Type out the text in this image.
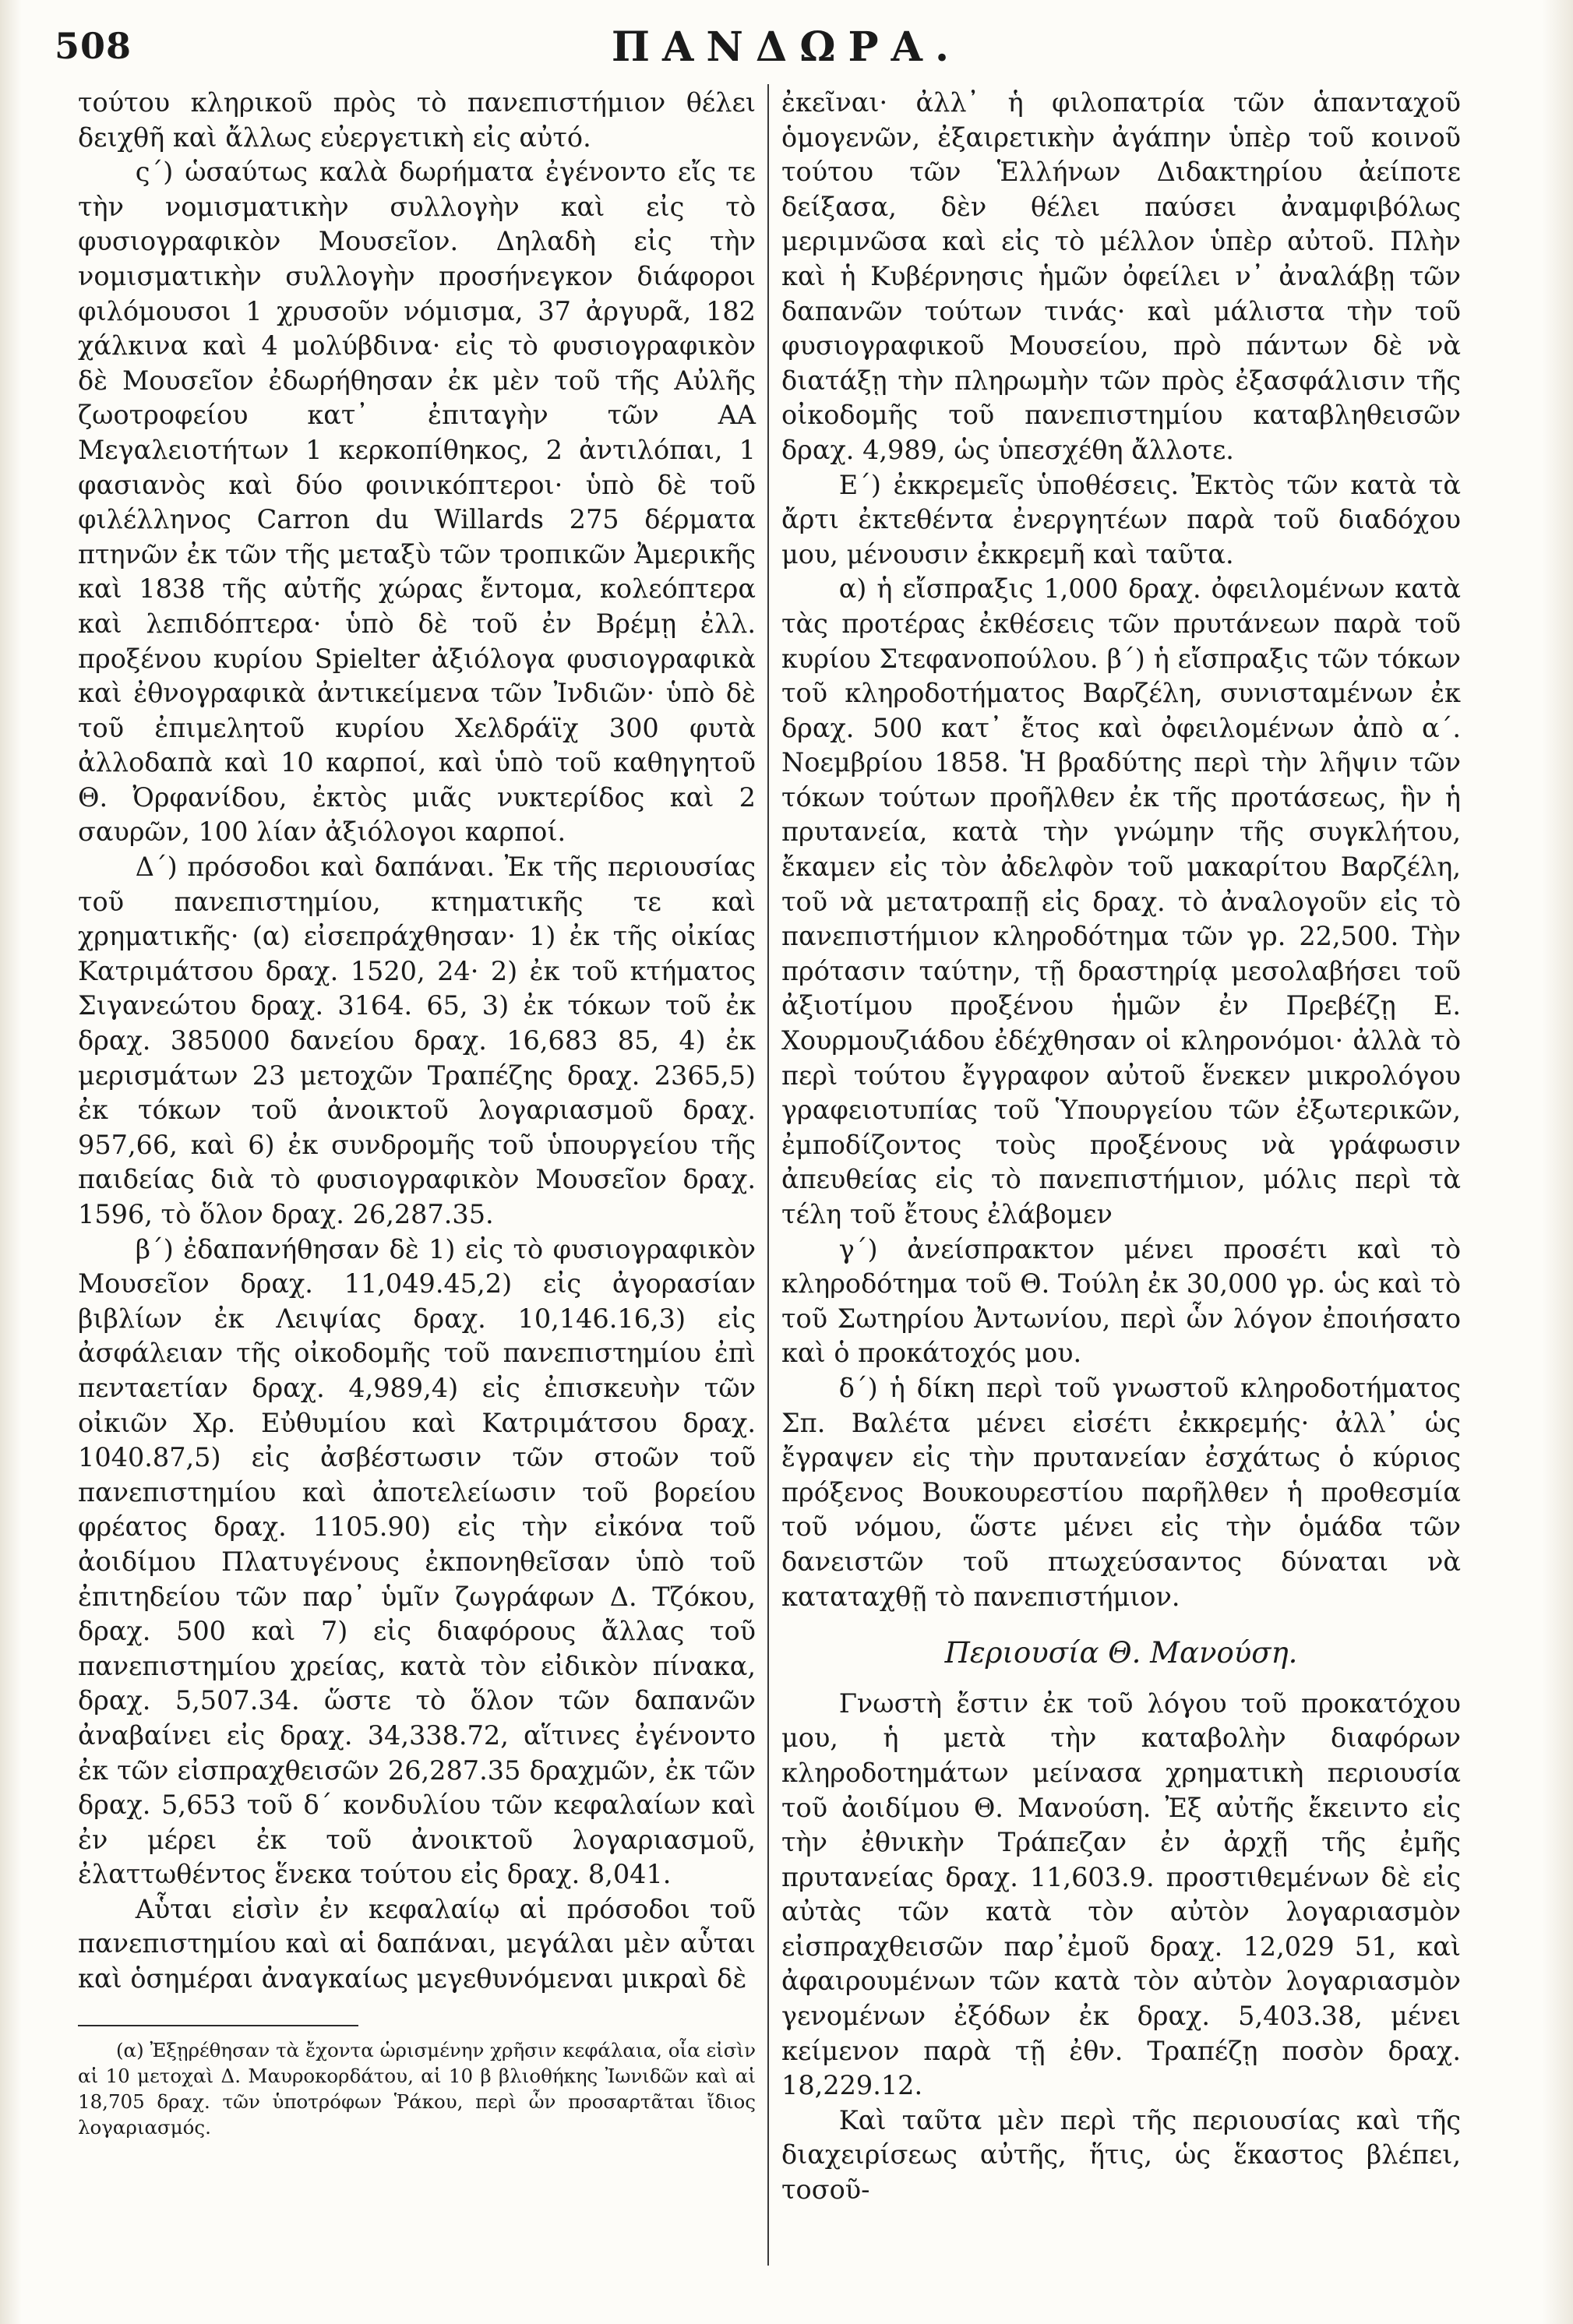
508	ΠΑΝΔΩΡΑ.

τούτου κληρικοῦ πρὸς τὸ πανεπιστήμιον θέλει δειχθῆ καὶ ἄλλως εὐεργετικὴ εἰς αὐτό.

ς΄) ὡσαύτως καλὰ δωρήματα ἐγένοντο εἴς τε τὴν νομισματικὴν συλλογὴν καὶ εἰς τὸ φυσιογραφικὸν Μουσεῖον. Δηλαδὴ εἰς τὴν νομισματικὴν συλλογὴν προσήνεγκον διάφοροι φιλόμουσοι 1 χρυσοῦν νόμισμα, 37 ἀργυρᾶ, 182 χάλκινα καὶ 4 μολύβδινα· εἰς τὸ φυσιογραφικὸν δὲ Μουσεῖον ἐδωρήθησαν ἐκ μὲν τοῦ τῆς Αὐλῆς ζωοτροφείου κατ᾽ ἐπιταγὴν τῶν ΑΑ Μεγαλειοτήτων 1 κερκοπίθηκος, 2 ἀντιλόπαι, 1 φασιανὸς καὶ δύο φοινικόπτεροι· ὑπὸ δὲ τοῦ φιλέλληνος Carron du Willards 275 δέρματα πτηνῶν ἐκ τῶν τῆς μεταξὺ τῶν τροπικῶν Ἀμερικῆς καὶ 1838 τῆς αὐτῆς χώρας ἔντομα, κολεόπτερα καὶ λεπιδόπτερα· ὑπὸ δὲ τοῦ ἐν Βρέμῃ ἐλλ. προξένου κυρίου Spielter ἀξιόλογα φυσιογραφικὰ καὶ ἐθνογραφικὰ ἀντικείμενα τῶν Ἰνδιῶν· ὑπὸ δὲ τοῦ ἐπιμελητοῦ κυρίου Χελδράϊχ 300 φυτὰ ἀλλοδαπὰ καὶ 10 καρποί, καὶ ὑπὸ τοῦ καθηγητοῦ Θ. Ὀρφανίδου, ἐκτὸς μιᾶς νυκτερίδος καὶ 2 σαυρῶν, 100 λίαν ἀξιόλογοι καρποί.

Δ΄) πρόσοδοι καὶ δαπάναι. Ἐκ τῆς περιουσίας τοῦ πανεπιστημίου, κτηματικῆς τε καὶ χρηματικῆς· (α) εἰσεπράχθησαν· 1) ἐκ τῆς οἰκίας Κατριμάτσου δραχ. 1520, 24· 2) ἐκ τοῦ κτήματος Σιγανεώτου δραχ. 3164. 65, 3) ἐκ τόκων τοῦ ἐκ δραχ. 385000 δανείου δραχ. 16,683 85, 4) ἐκ μερισμάτων 23 μετοχῶν Τραπέζης δραχ. 2365,5) ἐκ τόκων τοῦ ἀνοικτοῦ λογαριασμοῦ δραχ. 957,66, καὶ 6) ἐκ συνδρομῆς τοῦ ὑπουργείου τῆς παιδείας διὰ τὸ φυσιογραφικὸν Μουσεῖον δραχ. 1596, τὸ ὅλον δραχ. 26,287.35.

β΄) ἐδαπανήθησαν δὲ 1) εἰς τὸ φυσιογραφικὸν Μουσεῖον δραχ. 11,049.45,2) εἰς ἀγορασίαν βιβλίων ἐκ Λειψίας δραχ. 10,146.16,3) εἰς ἀσφάλειαν τῆς οἰκοδομῆς τοῦ πανεπιστημίου ἐπὶ πενταετίαν δραχ. 4,989,4) εἰς ἐπισκευὴν τῶν οἰκιῶν Χρ. Εὐθυμίου καὶ Κατριμάτσου δραχ. 1040.87,5) εἰς ἀσβέστωσιν τῶν στοῶν τοῦ πανεπιστημίου καὶ ἀποτελείωσιν τοῦ βορείου φρέατος δραχ. 1105.90) εἰς τὴν εἰκόνα τοῦ ἀοιδίμου Πλατυγένους ἐκπονηθεῖσαν ὑπὸ τοῦ ἐπιτηδείου τῶν παρ᾽ ὑμῖν ζωγράφων Δ. Τζόκου, δραχ. 500 καὶ 7) εἰς διαφόρους ἄλλας τοῦ πανεπιστημίου χρείας, κατὰ τὸν εἰδικὸν πίνακα, δραχ. 5,507.34. ὥστε τὸ ὅλον τῶν δαπανῶν ἀναβαίνει εἰς δραχ. 34,338.72, αἵτινες ἐγένοντο ἐκ τῶν εἰσπραχθεισῶν 26,287.35 δραχμῶν, ἐκ τῶν δραχ. 5,653 τοῦ δ΄ κονδυλίου τῶν κεφαλαίων καὶ ἐν μέρει ἐκ τοῦ ἀνοικτοῦ λογαριασμοῦ, ἐλαττωθέντος ἕνεκα τούτου εἰς δραχ. 8,041.

Αὗται εἰσὶν ἐν κεφαλαίῳ αἱ πρόσοδοι τοῦ πανεπιστημίου καὶ αἱ δαπάναι, μεγάλαι μὲν αὗται καὶ ὁσημέραι ἀναγκαίως μεγεθυνόμεναι μικραὶ δὲ

(α) Ἐξῃρέθησαν τὰ ἔχοντα ὡρισμένην χρῆσιν κεφάλαια, οἷα εἰσὶν αἱ 10 μετοχαὶ Δ. Μαυροκορδάτου, αἱ 10 β βλιοθήκης Ἰωνιδῶν καὶ αἱ 18,705 δραχ. τῶν ὑποτρόφων Ῥάκου, περὶ ὧν προσαρτᾶται ἴδιος λογαριασμός.

ἐκεῖναι· ἀλλ᾽ ἡ φιλοπατρία τῶν ἁπανταχοῦ ὁμογενῶν, ἐξαιρετικὴν ἀγάπην ὑπὲρ τοῦ κοινοῦ τούτου τῶν Ἑλλήνων Διδακτηρίου ἀείποτε δείξασα, δὲν θέλει παύσει ἀναμφιβόλως μεριμνῶσα καὶ εἰς τὸ μέλλον ὑπὲρ αὐτοῦ. Πλὴν καὶ ἡ Κυβέρνησις ἡμῶν ὀφείλει ν᾽ ἀναλάβῃ τῶν δαπανῶν τούτων τινάς· καὶ μάλιστα τὴν τοῦ φυσιογραφικοῦ Μουσείου, πρὸ πάντων δὲ νὰ διατάξῃ τὴν πληρωμὴν τῶν πρὸς ἐξασφάλισιν τῆς οἰκοδομῆς τοῦ πανεπιστημίου καταβληθεισῶν δραχ. 4,989, ὡς ὑπεσχέθη ἄλλοτε.

Ε΄) ἐκκρεμεῖς ὑποθέσεις. Ἐκτὸς τῶν κατὰ τὰ ἄρτι ἐκτεθέντα ἐνεργητέων παρὰ τοῦ διαδόχου μου, μένουσιν ἐκκρεμῆ καὶ ταῦτα.

α) ἡ εἴσπραξις 1,000 δραχ. ὀφειλομένων κατὰ τὰς προτέρας ἐκθέσεις τῶν πρυτάνεων παρὰ τοῦ κυρίου Στεφανοπούλου. β΄) ἡ εἴσπραξις τῶν τόκων τοῦ κληροδοτήματος Βαρζέλη, συνισταμένων ἐκ δραχ. 500 κατ᾽ ἔτος καὶ ὀφειλομένων ἀπὸ α΄. Νοεμβρίου 1858. Ἡ βραδύτης περὶ τὴν λῆψιν τῶν τόκων τούτων προῆλθεν ἐκ τῆς προτάσεως, ἣν ἡ πρυτανεία, κατὰ τὴν γνώμην τῆς συγκλήτου, ἔκαμεν εἰς τὸν ἀδελφὸν τοῦ μακαρίτου Βαρζέλη, τοῦ νὰ μετατραπῇ εἰς δραχ. τὸ ἀναλογοῦν εἰς τὸ πανεπιστήμιον κληροδότημα τῶν γρ. 22,500. Τὴν πρότασιν ταύτην, τῇ δραστηρίᾳ μεσολαβήσει τοῦ ἀξιοτίμου προξένου ἡμῶν ἐν Πρεβέζῃ Ε. Χουρμουζιάδου ἐδέχθησαν οἱ κληρονόμοι· ἀλλὰ τὸ περὶ τούτου ἔγγραφον αὐτοῦ ἕνεκεν μικρολόγου γραφειοτυπίας τοῦ Ὑπουργείου τῶν ἐξωτερικῶν, ἐμποδίζοντος τοὺς προξένους νὰ γράφωσιν ἀπευθείας εἰς τὸ πανεπιστήμιον, μόλις περὶ τὰ τέλη τοῦ ἔτους ἐλάβομεν

γ΄) ἀνείσπρακτον μένει προσέτι καὶ τὸ κληροδότημα τοῦ Θ. Τούλη ἐκ 30,000 γρ. ὡς καὶ τὸ τοῦ Σωτηρίου Ἀντωνίου, περὶ ὧν λόγον ἐποιήσατο καὶ ὁ προκάτοχός μου.

δ΄) ἡ δίκη περὶ τοῦ γνωστοῦ κληροδοτήματος Σπ. Βαλέτα μένει εἰσέτι ἐκκρεμής· ἀλλ᾽ ὡς ἔγραψεν εἰς τὴν πρυτανείαν ἐσχάτως ὁ κύριος πρόξενος Βουκουρεστίου παρῆλθεν ἡ προθεσμία τοῦ νόμου, ὥστε μένει εἰς τὴν ὁμάδα τῶν δανειστῶν τοῦ πτωχεύσαντος δύναται νὰ καταταχθῇ τὸ πανεπιστήμιον.

Περιουσία Θ. Μανούση.

Γνωστὴ ἔστιν ἐκ τοῦ λόγου τοῦ προκατόχου μου, ἡ μετὰ τὴν καταβολὴν διαφόρων κληροδοτημάτων μείνασα χρηματικὴ περιουσία τοῦ ἀοιδίμου Θ. Μανούση. Ἐξ αὐτῆς ἔκειντο εἰς τὴν ἐθνικὴν Τράπεζαν ἐν ἀρχῇ τῆς ἐμῆς πρυτανείας δραχ. 11,603.9. προστιθεμένων δὲ εἰς αὐτὰς τῶν κατὰ τὸν αὐτὸν λογαριασμὸν εἰσπραχθεισῶν παρ᾽ἐμοῦ δραχ. 12,029 51, καὶ ἀφαιρουμένων τῶν κατὰ τὸν αὐτὸν λογαριασμὸν γενομένων ἐξόδων ἐκ δραχ. 5,403.38, μένει κείμενον παρὰ τῇ ἐθν. Τραπέζῃ ποσὸν δραχ. 18,229.12.

Καὶ ταῦτα μὲν περὶ τῆς περιουσίας καὶ τῆς διαχειρίσεως αὐτῆς, ἥτις, ὡς ἕκαστος βλέπει, τοσοῦ-
